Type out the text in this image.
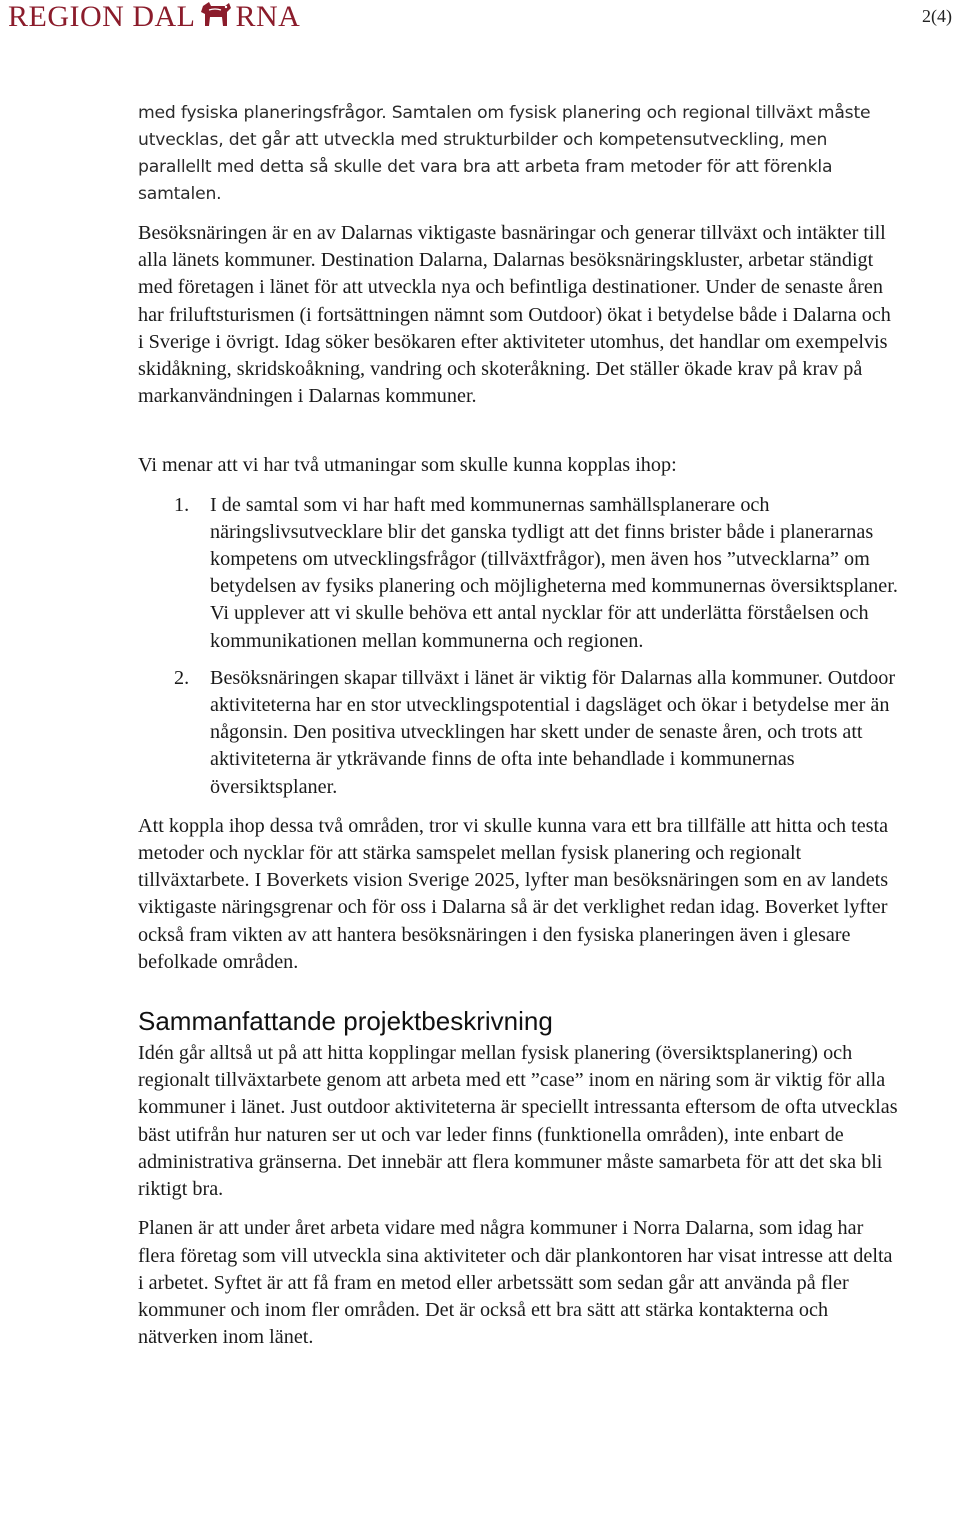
REGION DAL RNA	2(4)

med fysiska planeringsfrågor. Samtalen om fysisk planering och regional tillväxt måste utvecklas, det går att utveckla med strukturbilder och kompetensutveckling, men parallellt med detta så skulle det vara bra att arbeta fram metoder för att förenkla samtalen.

Besöksnäringen är en av Dalarnas viktigaste basnäringar och generar tillväxt och intäkter till alla länets kommuner. Destination Dalarna, Dalarnas besöksnäringskluster, arbetar ständigt med företagen i länet för att utveckla nya och befintliga destinationer. Under de senaste åren har friluftsturismen (i fortsättningen nämnt som Outdoor) ökat i betydelse både i Dalarna och i Sverige i övrigt. Idag söker besökaren efter aktiviteter utomhus, det handlar om exempelvis skidåkning, skridskoåkning, vandring och skoteråkning. Det ställer ökade krav på krav på markanvändningen i Dalarnas kommuner.

Vi menar att vi har två utmaningar som skulle kunna kopplas ihop:

1. I de samtal som vi har haft med kommunernas samhällsplanerare och näringslivsutvecklare blir det ganska tydligt att det finns brister både i planerarnas kompetens om utvecklingsfrågor (tillväxtfrågor), men även hos ”utvecklarna” om betydelsen av fysiks planering och möjligheterna med kommunernas översiktsplaner. Vi upplever att vi skulle behöva ett antal nycklar för att underlätta förståelsen och kommunikationen mellan kommunerna och regionen.
2. Besöksnäringen skapar tillväxt i länet är viktig för Dalarnas alla kommuner. Outdoor aktiviteterna har en stor utvecklingspotential i dagsläget och ökar i betydelse mer än någonsin. Den positiva utvecklingen har skett under de senaste åren, och trots att aktiviteterna är ytkrävande finns de ofta inte behandlade i kommunernas översiktsplaner.

Att koppla ihop dessa två områden, tror vi skulle kunna vara ett bra tillfälle att hitta och testa metoder och nycklar för att stärka samspelet mellan fysisk planering och regionalt tillväxtarbete. I Boverkets vision Sverige 2025, lyfter man besöksnäringen som en av landets viktigaste näringsgrenar och för oss i Dalarna så är det verklighet redan idag. Boverket lyfter också fram vikten av att hantera besöksnäringen i den fysiska planeringen även i glesare befolkade områden.

Sammanfattande projektbeskrivning

Idén går alltså ut på att hitta kopplingar mellan fysisk planering (översiktsplanering) och regionalt tillväxtarbete genom att arbeta med ett ”case” inom en näring som är viktig för alla kommuner i länet. Just outdoor aktiviteterna är speciellt intressanta eftersom de ofta utvecklas bäst utifrån hur naturen ser ut och var leder finns (funktionella områden), inte enbart de administrativa gränserna. Det innebär att flera kommuner måste samarbeta för att det ska bli riktigt bra.

Planen är att under året arbeta vidare med några kommuner i Norra Dalarna, som idag har flera företag som vill utveckla sina aktiviteter och där plankontoren har visat intresse att delta i arbetet. Syftet är att få fram en metod eller arbetssätt som sedan går att använda på fler kommuner och inom fler områden. Det är också ett bra sätt att stärka kontakterna och nätverken inom länet.
